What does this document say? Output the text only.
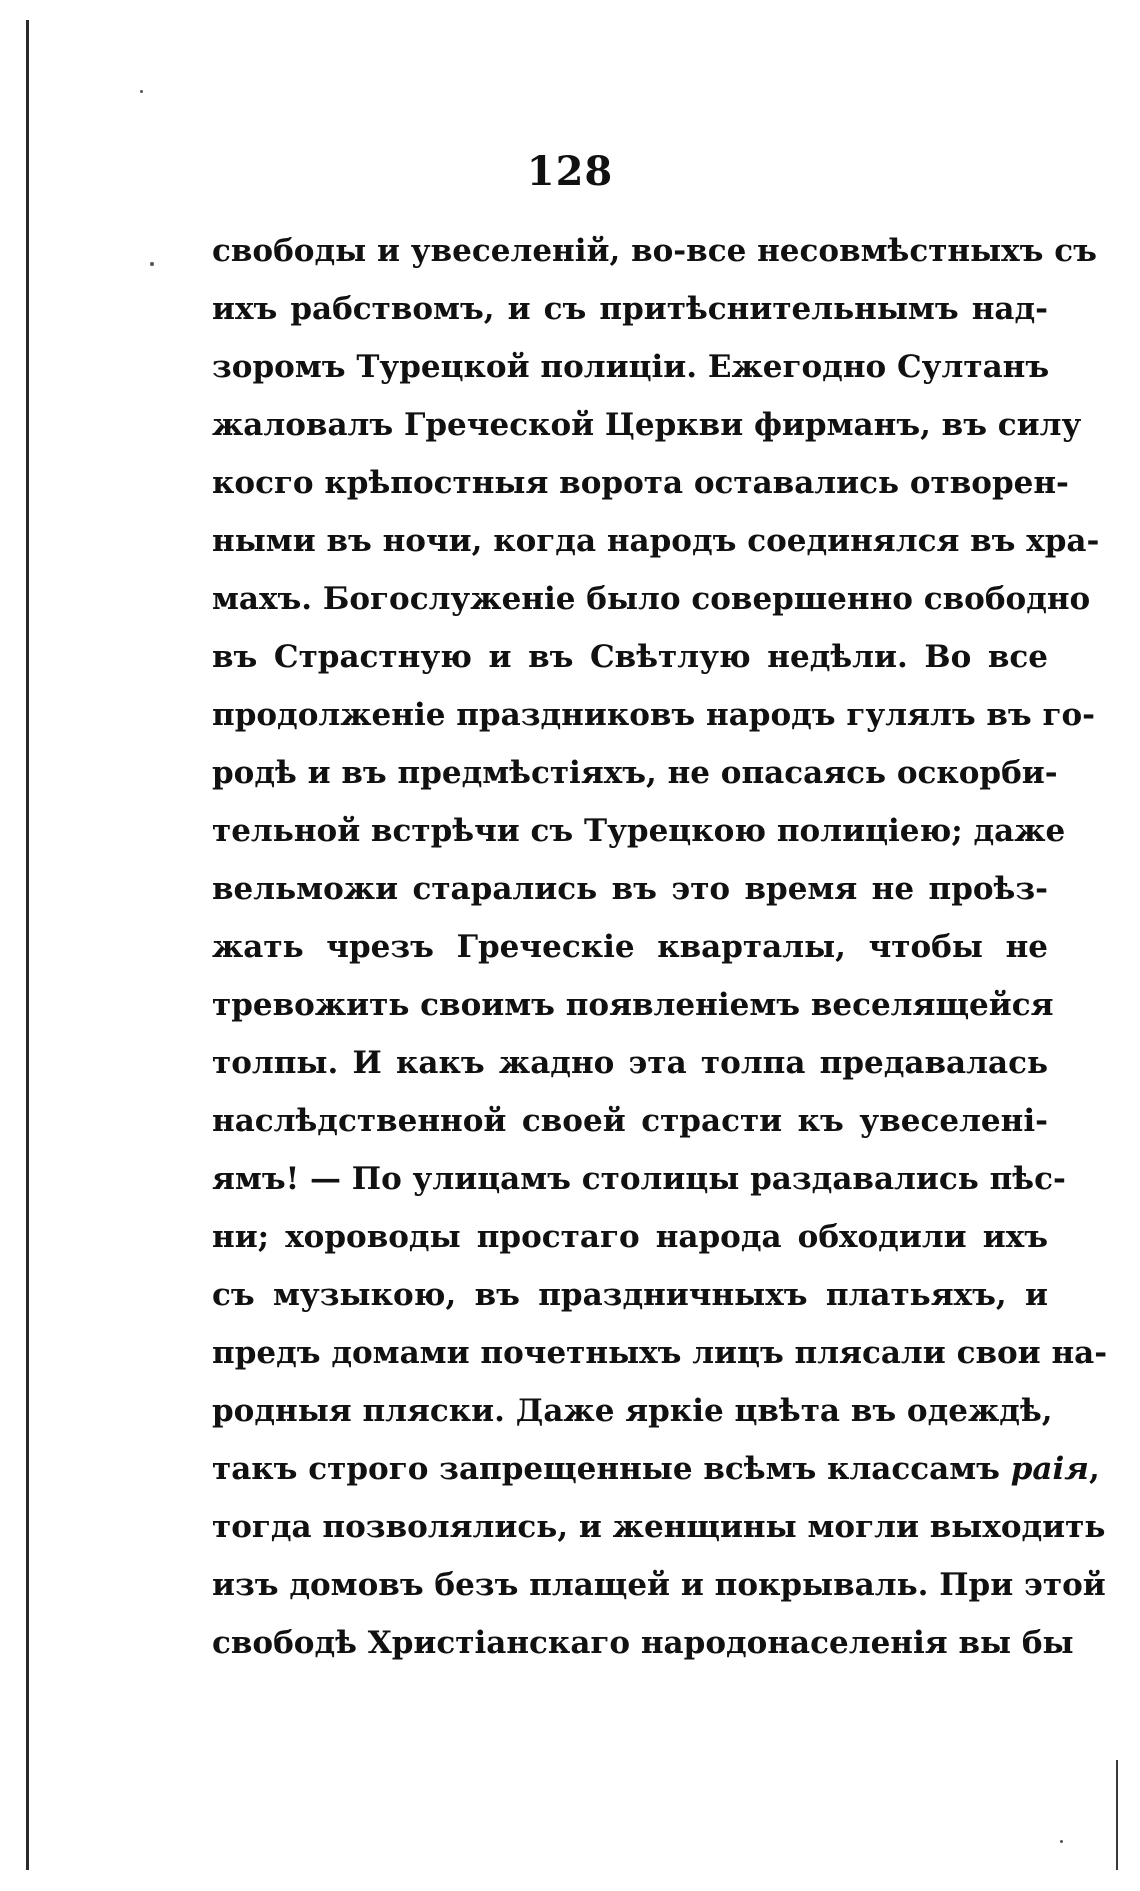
128
свободы и увеселенiй, во-все несовмѣстныхъ съ
ихъ рабствомъ, и съ притѣснительнымъ над-
зоромъ Турецкой полицiи. Ежегодно Султанъ
жаловалъ Греческой Церкви фирманъ, въ силу
косго крѣпостныя ворота оставались отворен-
ными въ ночи, когда народъ соединялся въ хра-
махъ. Богослуженiе было совершенно свободно
въ Страстную и въ Свѣтлую недѣли. Во все
продолженiе праздниковъ народъ гулялъ въ го-
родѣ и въ предмѣстiяхъ, не опасаясь оскорби-
тельной встрѣчи съ Турецкою полицiею; даже
вельможи старались въ это время не проѣз-
жать чрезъ Греческiе кварталы, чтобы не
тревожить своимъ появленiемъ веселящейся
толпы. И какъ жадно эта толпа предавалась
наслѣдственной своей страсти къ увеселенi-
ямъ! — По улицамъ столицы раздавались пѣс-
ни; хороводы простаго народа обходили ихъ
съ музыкою, въ праздничныхъ платьяхъ, и
предъ домами почетныхъ лицъ плясали свои на-
родныя пляски. Даже яркiе цвѣта въ одеждѣ,
такъ строго запрещенные всѣмъ классамъ раiя,
тогда позволялись, и женщины могли выходить
изъ домовъ безъ плащей и покрываль. При этой
свободѣ Христiанскаго народонаселенiя вы бы
